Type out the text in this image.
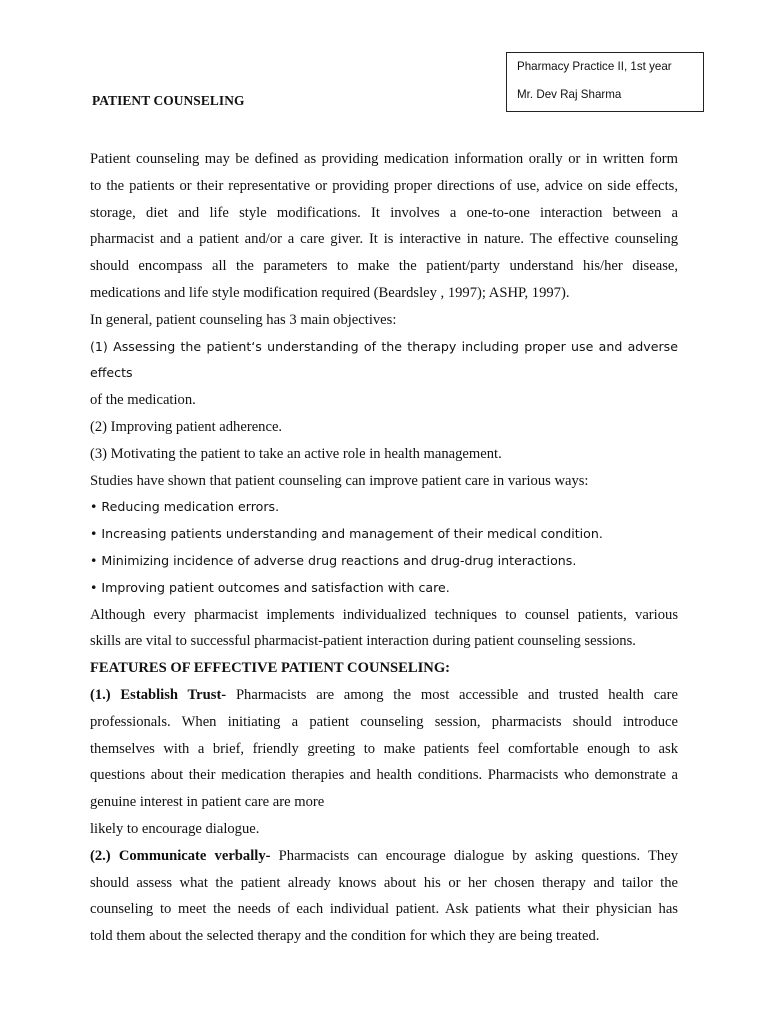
Pharmacy Practice II, 1st year
Mr. Dev Raj Sharma
PATIENT COUNSELING

Patient counseling may be defined as providing medication information orally or in written form

to the patients or their representative or providing proper directions of use, advice on side effects,

storage, diet and life style modifications. It involves a one-to-one interaction between a

pharmacist and a patient and/or a care giver. It is interactive in nature. The effective counseling

should encompass all the parameters to make the patient/party understand his/her disease,

medications and life style modification required (Beardsley , 1997); ASHP, 1997).

In general, patient counseling has 3 main objectives:

(1) Assessing the patient‘s understanding of the therapy including proper use and adverse effects

of the medication.

(2) Improving patient adherence.

(3) Motivating the patient to take an active role in health management.

Studies have shown that patient counseling can improve patient care in various ways:

• Reducing medication errors.

• Increasing patients understanding and management of their medical condition.

• Minimizing incidence of adverse drug reactions and drug-drug interactions.

• Improving patient outcomes and satisfaction with care.

Although every pharmacist implements individualized techniques to counsel patients, various

skills are vital to successful pharmacist-patient interaction during patient counseling sessions.

FEATURES OF EFFECTIVE PATIENT COUNSELING:

(1.) Establish Trust- Pharmacists are among the most accessible and trusted health care

professionals. When initiating a patient counseling session, pharmacists should introduce

themselves with a brief, friendly greeting to make patients feel comfortable enough to ask

questions about their medication therapies and health conditions. Pharmacists who demonstrate a

genuine interest in patient care are more

likely to encourage dialogue.

(2.) Communicate verbally- Pharmacists can encourage dialogue by asking questions. They

should assess what the patient already knows about his or her chosen therapy and tailor the

counseling to meet the needs of each individual patient. Ask patients what their physician has

told them about the selected therapy and the condition for which they are being treated.
